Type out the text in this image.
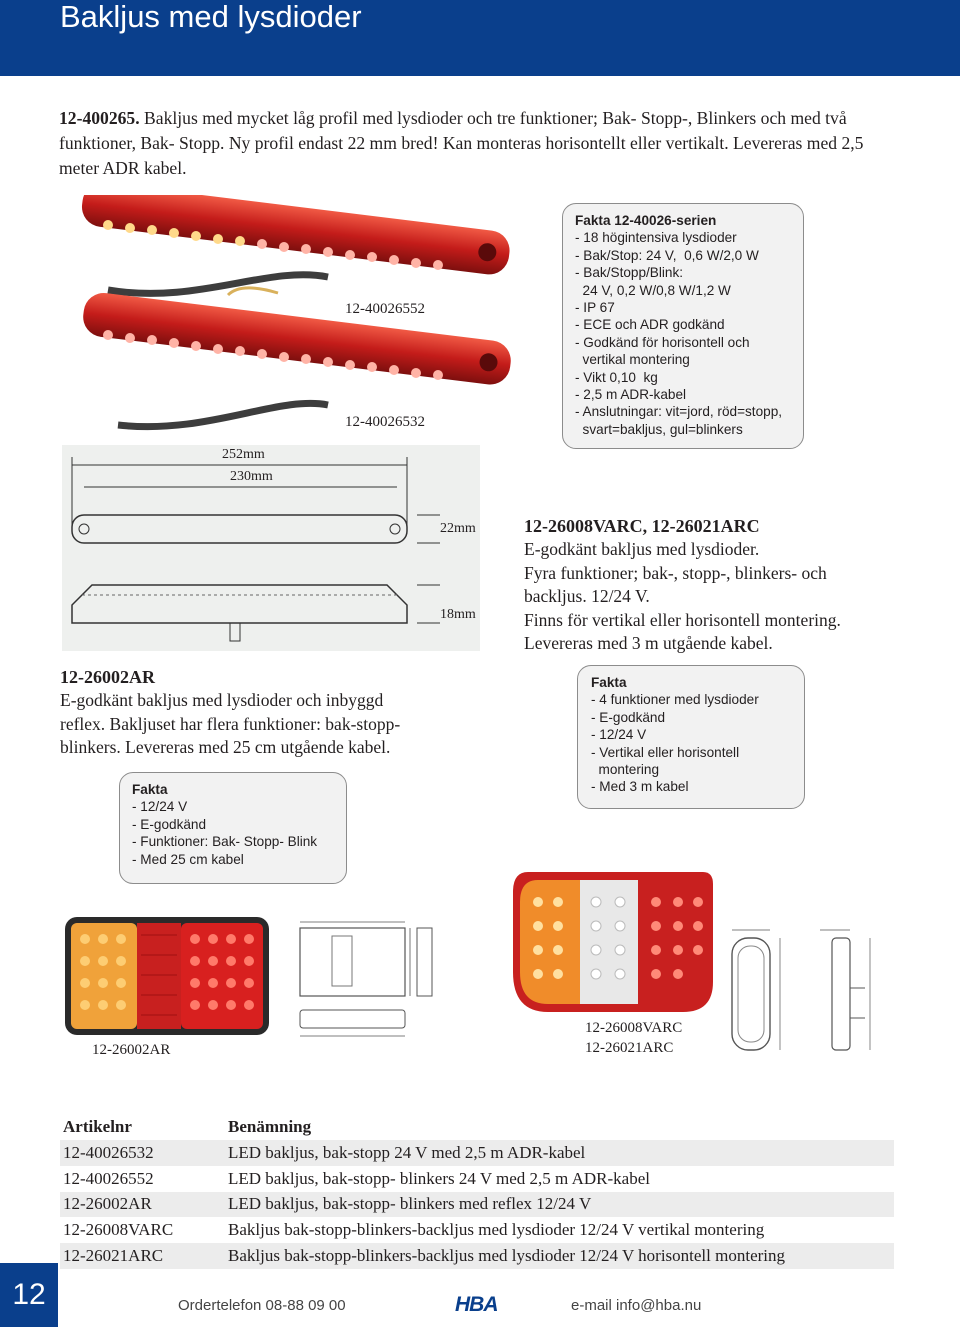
Bakljus med lysdioder
12-400265. Bakljus med mycket låg profil med lysdioder och tre funktioner; Bak- Stopp-, Blinkers och med två funktioner, Bak- Stopp. Ny profil endast 22 mm bred! Kan monteras horisontellt eller vertikalt. Levereras med 2,5 meter ADR kabel.
12-40026552
12-40026532
Fakta 12-40026-serien
- 18 högintensiva lysdioder
- Bak/Stop: 24 V,  0,6 W/2,0 W
- Bak/Stopp/Blink:
24 V, 0,2 W/0,8 W/1,2 W
- IP 67
- ECE och ADR godkänd
- Godkänd för horisontell och
vertikal montering
- Vikt 0,10  kg
- 2,5 m ADR-kabel
- Anslutningar: vit=jord, röd=stopp,
svart=bakljus, gul=blinkers
252mm
230mm
22mm
18mm
12-26008VARC, 12-26021ARC
E-godkänt bakljus med lysdioder.
Fyra funktioner; bak-, stopp-, blinkers- och
backljus. 12/24 V.
Finns för vertikal eller horisontell montering.
Levereras med 3 m utgående kabel.
Fakta
- 4 funktioner med lysdioder
- E-godkänd
- 12/24 V
- Vertikal eller horisontell
montering
- Med 3 m kabel
12-26002AR
E-godkänt bakljus med lysdioder och inbyggd
reflex. Bakljuset har flera funktioner: bak-stopp-
blinkers. Levereras med 25 cm utgående kabel.
Fakta
- 12/24 V
- E-godkänd
- Funktioner: Bak- Stopp- Blink
- Med 25 cm kabel
12-26002AR
12-26008VARC
12-26021ARC
Artikelnr	Benämning
12-40026532	LED bakljus, bak-stopp 24 V med 2,5 m ADR-kabel
12-40026552	LED bakljus, bak-stopp- blinkers 24 V med 2,5 m ADR-kabel
12-26002AR	LED bakljus, bak-stopp- blinkers med reflex 12/24 V
12-26008VARC	Bakljus bak-stopp-blinkers-backljus med lysdioder 12/24 V vertikal montering
12-26021ARC	Bakljus bak-stopp-blinkers-backljus med lysdioder 12/24 V horisontell montering
12	Ordertelefon 08-88 09 00	HBA	e-mail info@hba.nu
